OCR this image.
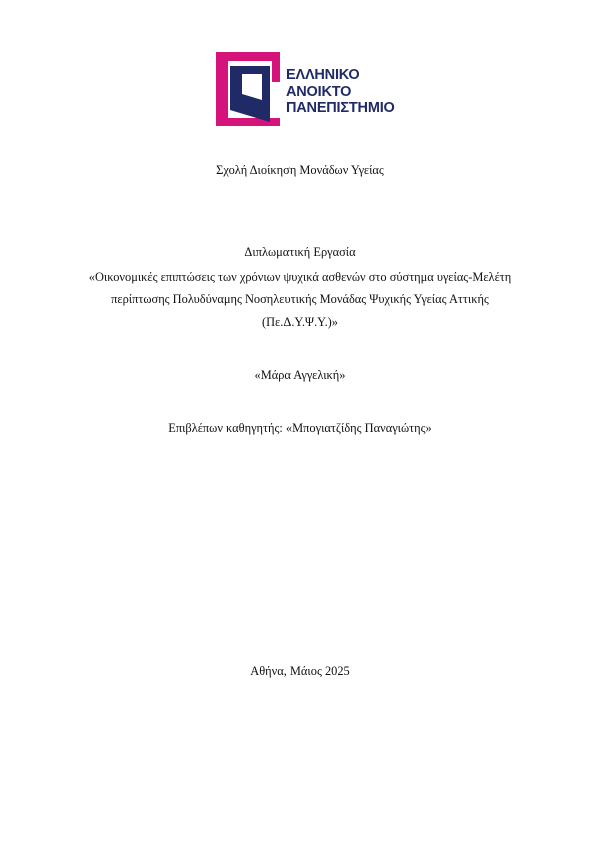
ΕΛΛΗΝΙΚΟ
ΑΝΟΙΚΤΟ
ΠΑΝΕΠΙΣΤΗΜΙΟ
Σχολή Διοίκηση Μονάδων Υγείας
Διπλωματική Εργασία
«Οικονομικές επιπτώσεις των χρόνιων ψυχικά ασθενών στο σύστημα υγείας-Μελέτη
περίπτωσης Πολυδύναμης Νοσηλευτικής Μονάδας Ψυχικής Υγείας Αττικής
(Πε.Δ.Υ.Ψ.Υ.)»
«Μάρα Αγγελική»
Επιβλέπων καθηγητής: «Μπογιατζίδης Παναγιώτης»
Αθήνα, Μάιος 2025
